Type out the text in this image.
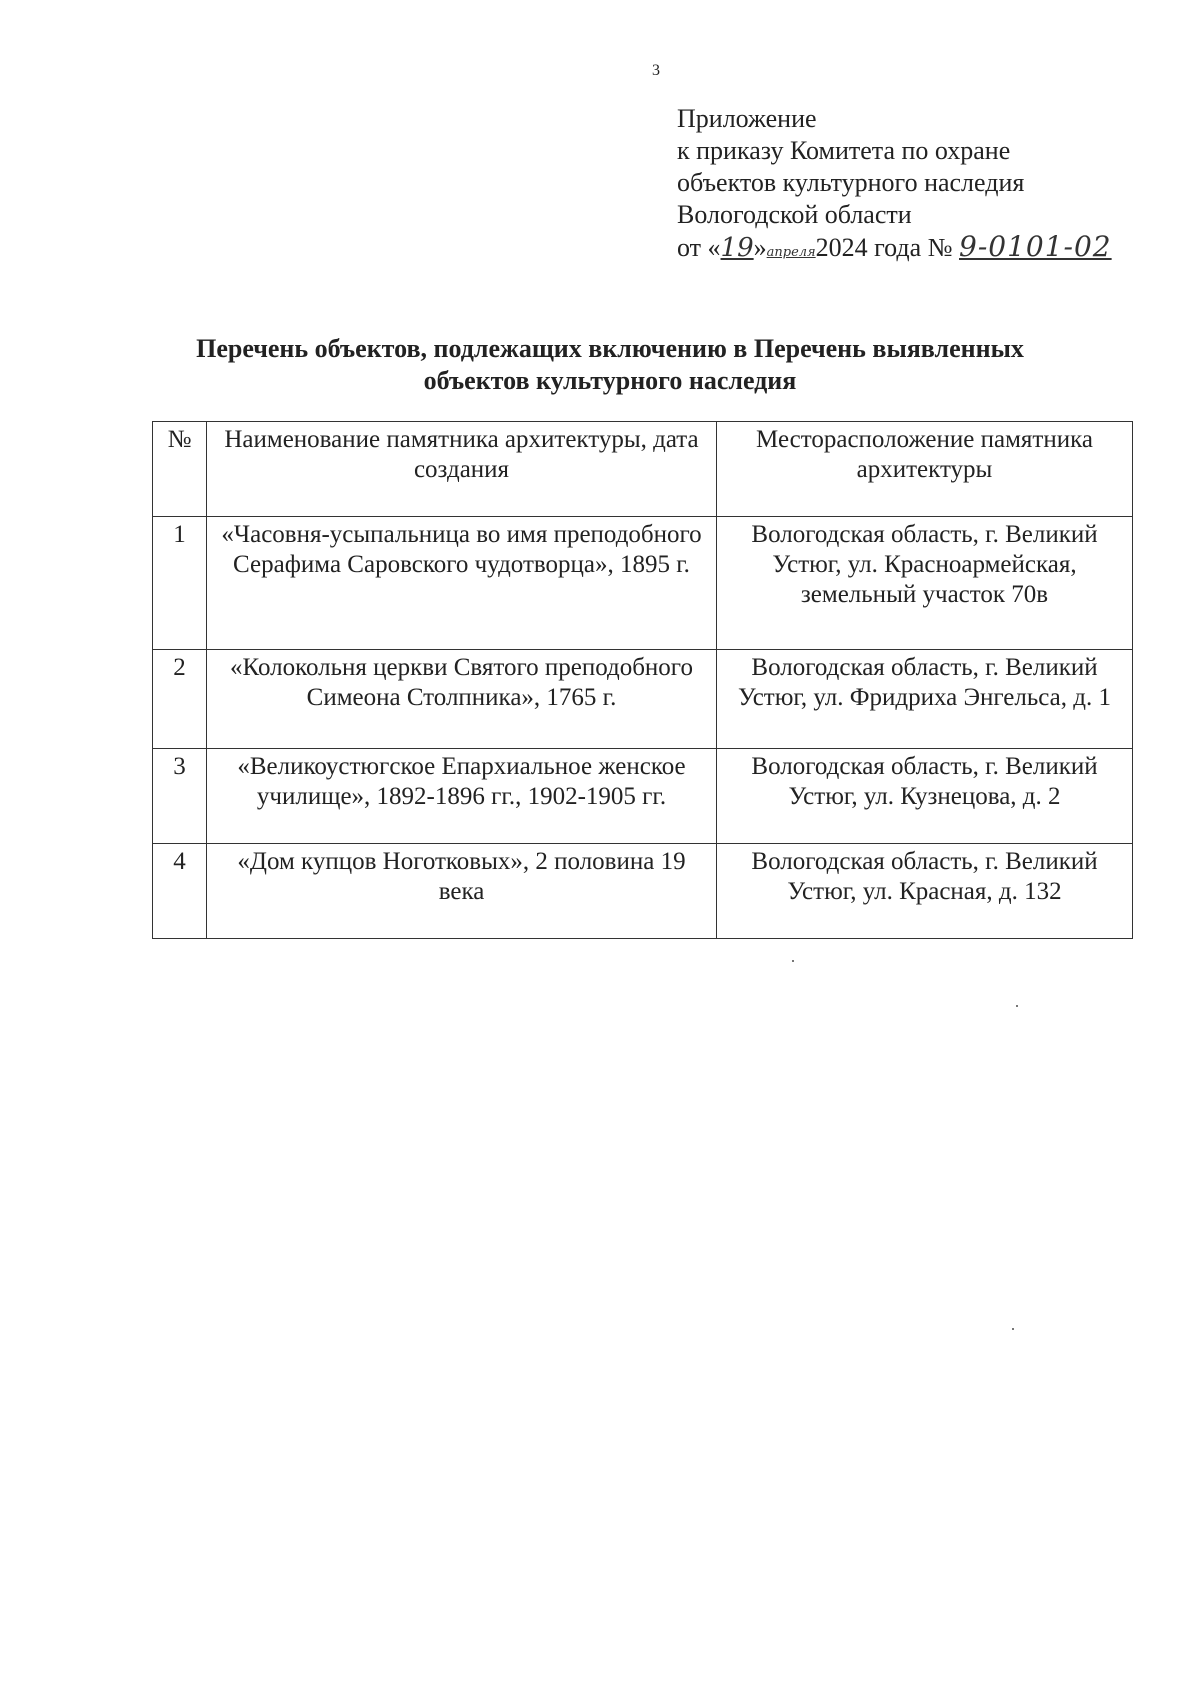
3
Приложение
к приказу Комитета по охране
объектов культурного наследия
Вологодской области
от «19»апреля2024 года № 9-0101-02
Перечень объектов, подлежащих включению в Перечень выявленных объектов культурного наследия
№	Наименование памятника архитектуры, дата создания	Месторасположение памятника архитектуры
1	«Часовня-усыпальница во имя преподобного Серафима Саровского чудотворца», 1895 г.	Вологодская область, г. Великий Устюг, ул. Красноармейская, земельный участок 70в
2	«Колокольня церкви Святого преподобного Симеона Столпника», 1765 г.	Вологодская область, г. Великий Устюг, ул. Фридриха Энгельса, д. 1
3	«Великоустюгское Епархиальное женское училище», 1892-1896 гг., 1902-1905 гг.	Вологодская область, г. Великий Устюг, ул. Кузнецова, д. 2
4	«Дом купцов Ноготковых», 2 половина 19 века	Вологодская область, г. Великий Устюг, ул. Красная, д. 132
